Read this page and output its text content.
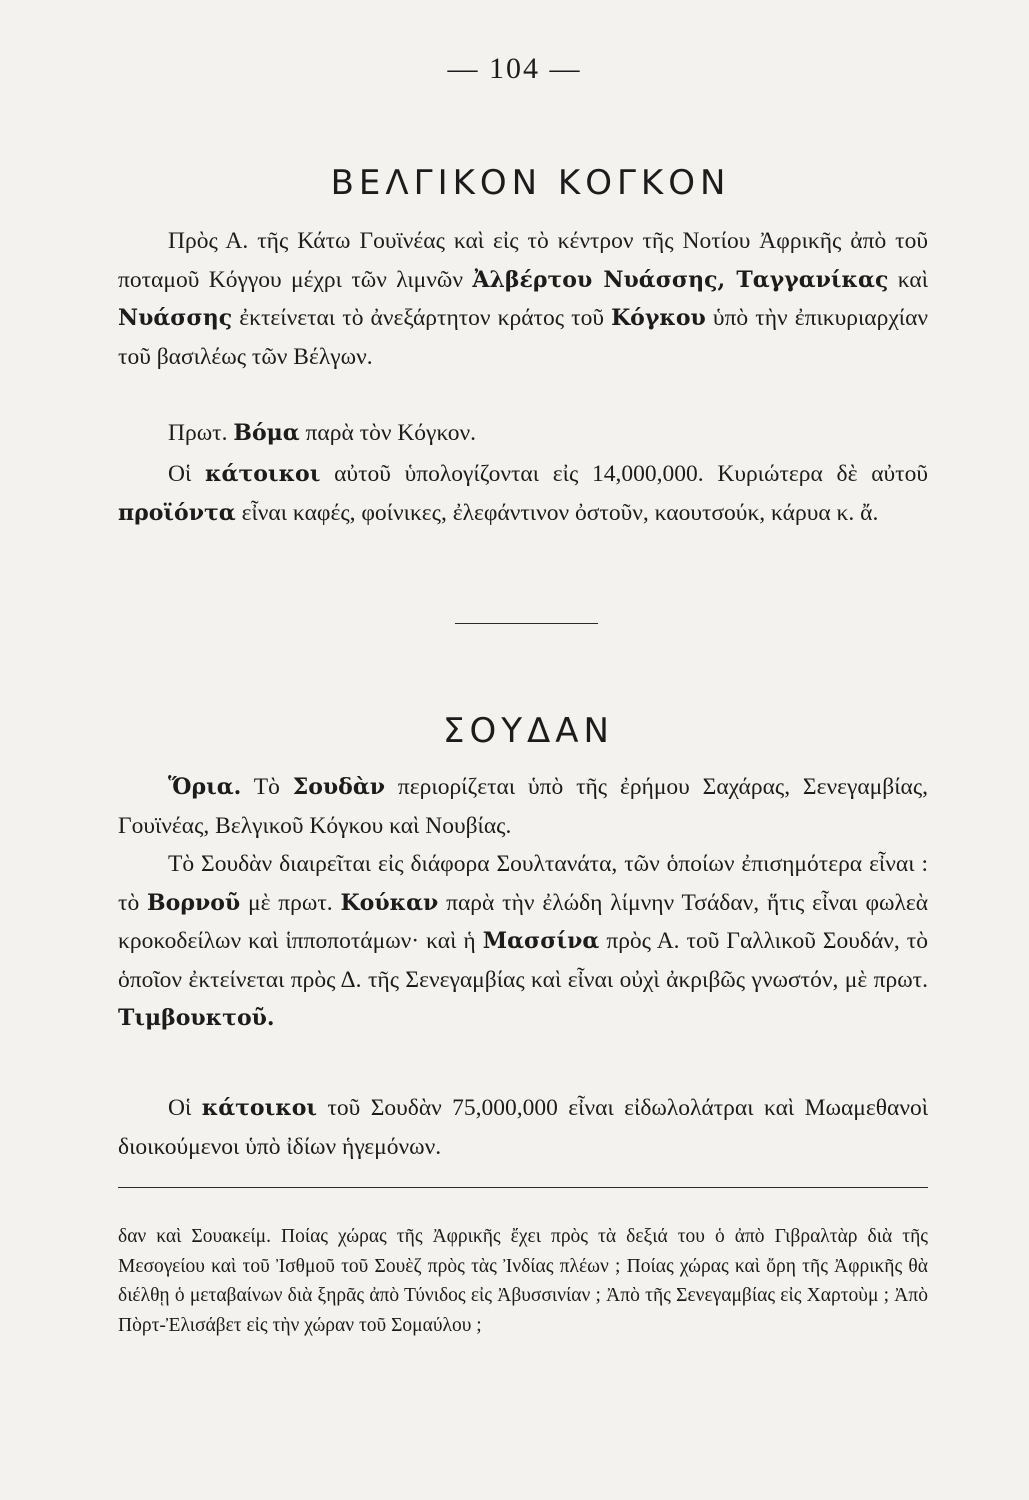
— 104 —
ΒΕΛΓΙΚΟΝ ΚΟΓΚΟΝ

Πρὸς Α. τῆς Κάτω Γουϊνέας καὶ εἰς τὸ κέντρον τῆς Νοτίου Ἀφρικῆς ἀπὸ τοῦ ποταμοῦ Κόγγου μέχρι τῶν λιμνῶν Ἀλβέρτου Νυάσσης, Ταγγανίκας καὶ Νυάσσης ἐκτείνεται τὸ ἀνεξάρτητον κράτος τοῦ Κόγκου ὑπὸ τὴν ἐπικυριαρχίαν τοῦ βασιλέως τῶν Βέλγων.

Πρωτ. Βόμα παρὰ τὸν Κόγκον.

Οἱ κάτοικοι αὐτοῦ ὑπολογίζονται εἰς 14,000,000. Κυριώτερα δὲ αὐτοῦ προϊόντα εἶναι καφές, φοίνικες, ἐλεφάντινον ὀστοῦν, καουτσούκ, κάρυα κ. ἄ.

ΣΟΥΔΑΝ

Ὅρια. Τὸ Σουδὰν περιορίζεται ὑπὸ τῆς ἐρήμου Σαχάρας, Σενεγαμβίας, Γουϊνέας, Βελγικοῦ Κόγκου καὶ Νουβίας.

Τὸ Σουδὰν διαιρεῖται εἰς διάφορα Σουλτανάτα, τῶν ὁποίων ἐπισημότερα εἶναι : τὸ Βορνοῦ μὲ πρωτ. Κούκαν παρὰ τὴν ἐλώδη λίμνην Τσάδαν, ἥτις εἶναι φωλεὰ κροκοδείλων καὶ ἱπποποτάμων· καὶ ἡ Μασσίνα πρὸς Α. τοῦ Γαλλικοῦ Σουδάν, τὸ ὁποῖον ἐκτείνεται πρὸς Δ. τῆς Σενεγαμβίας καὶ εἶναι οὐχὶ ἀκριβῶς γνωστόν, μὲ πρωτ. Τιμβουκτοῦ.

Οἱ κάτοικοι τοῦ Σουδὰν 75,000,000 εἶναι εἰδωλολάτραι καὶ Μωαμεθανοὶ διοικούμενοι ὑπὸ ἰδίων ἡγεμόνων.

δαν καὶ Σουακείμ. Ποίας χώρας τῆς Ἀφρικῆς ἔχει πρὸς τὰ δεξιά του ὁ ἀπὸ Γιβραλτὰρ διὰ τῆς Μεσογείου καὶ τοῦ Ἰσθμοῦ τοῦ Σουὲζ πρὸς τὰς Ἰνδίας πλέων ; Ποίας χώρας καὶ ὄρη τῆς Ἀφρικῆς θὰ διέλθῃ ὁ μεταβαίνων διὰ ξηρᾶς ἀπὸ Τύνιδος εἰς Ἀβυσσινίαν ; Ἀπὸ τῆς Σενεγαμβίας εἰς Χαρτοὺμ ; Ἀπὸ Πὸρτ-Ἐλισάβετ εἰς τὴν χώραν τοῦ Σομαύλου ;
